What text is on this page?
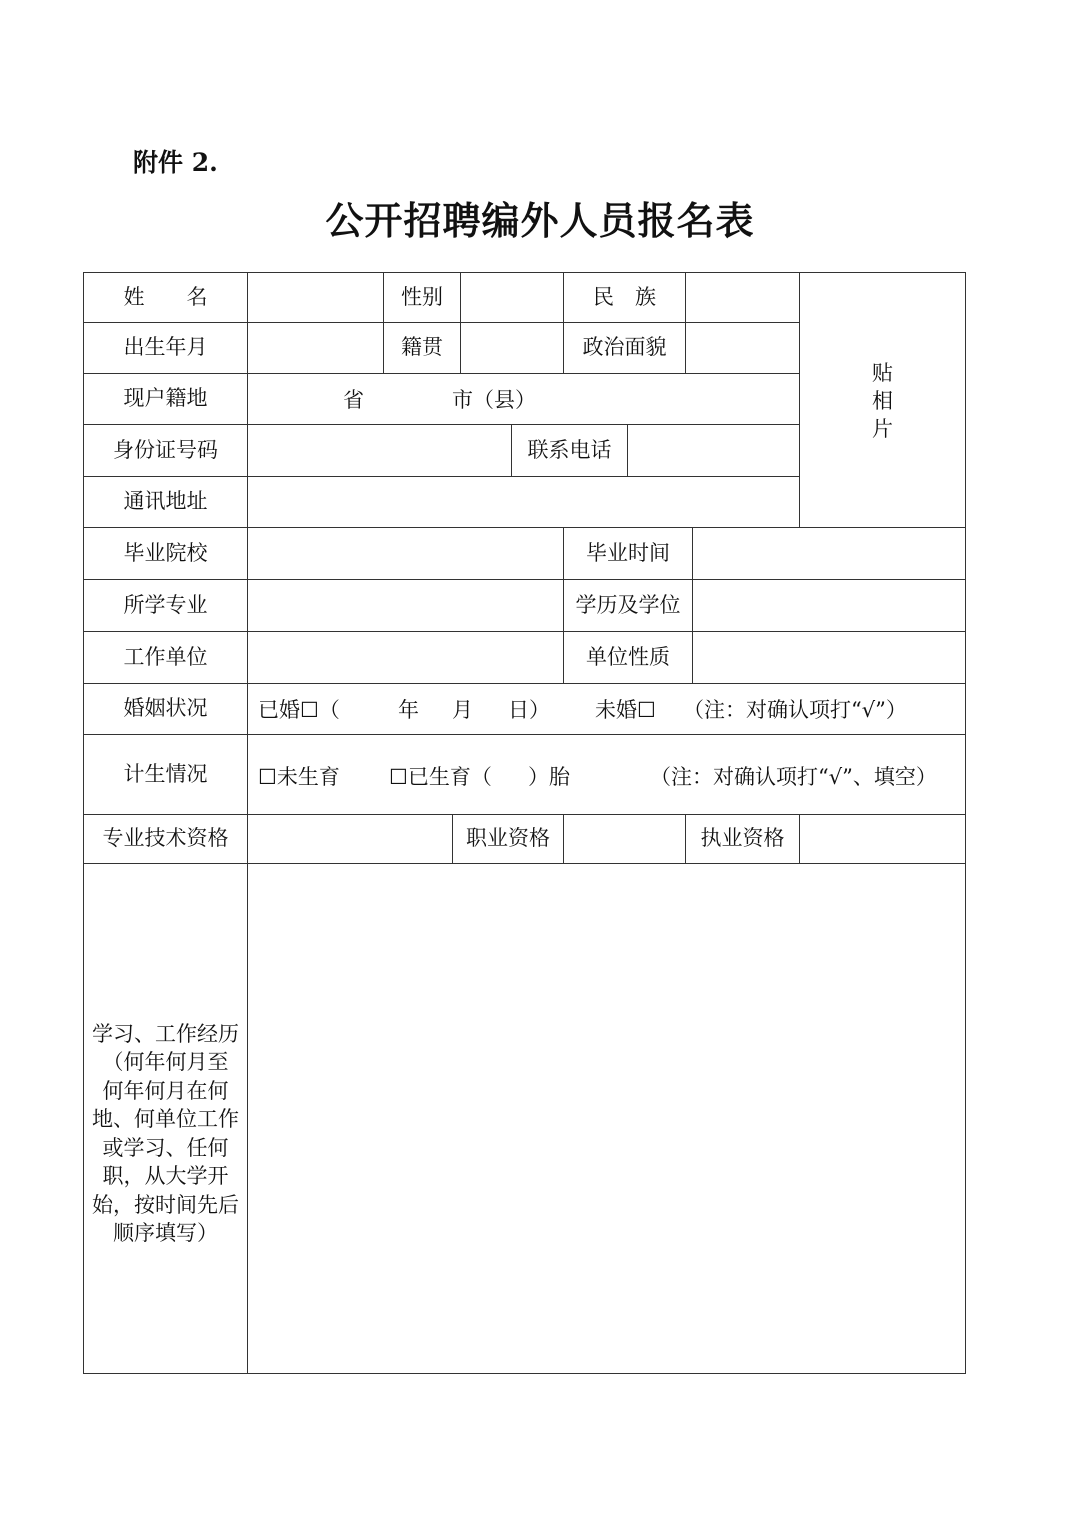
附件 2.
公开招聘编外人员报名表
姓　　名	性别	民　族
出生年月	籍贯	政治面貌
现户籍地	省	市（县）
身份证号码	联系电话
通讯地址
贴
相
片
毕业院校	毕业时间
所学专业	学历及学位
工作单位	单位性质
婚姻状况	已婚☐（	年 月 日） 未婚☐ （注：对确认项打“√”）
计生情况	☐未生育 ☐已生育（ ）胎	（注：对确认项打“√”、填空）
专业技术资格	职业资格	执业资格
学习、工作经历
（何年何月至
何年何月在何
地、何单位工作
或学习、任何
职，从大学开
始，按时间先后
顺序填写）
